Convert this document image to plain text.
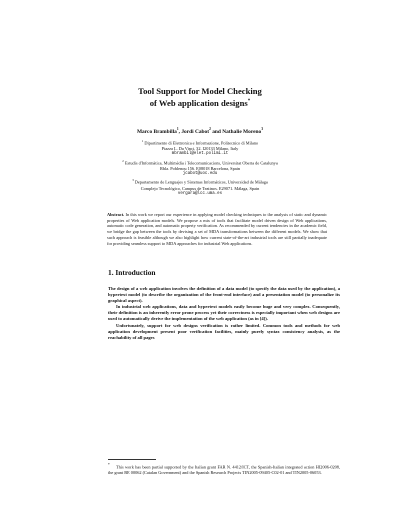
Tool Support for Model Checking
of Web application designs*
Marco Brambilla$^1$, Jordi Cabot$^2$ and Nathalie Moreno$^3$
$^1$ Dipartimento di Elettronica e Informazione, Politecnico di Milano
Piazza L. Da Vinci, 32. I20133 Milano, Italy
mbrambil@elet.polimi.it
$^2$ Estudis d'Informàtica, Multimèdia i Telecomunicacions, Universitat Oberta de Catalunya
Rbla. Poblenou 156. E08018 Barcelona, Spain
jcabot@uoc.edu
$^3$ Departamento de Lenguajes y Sistemas Informáticos, Universidad de Málaga
Complejo Tecnológico, Campus de Teatinos. E29071. Málaga, Spain
vergara@lcc.uma.es
Abstract. In this work we report our experience in applying model checking techniques to the analysis of static and dynamic properties of Web application models. We propose a mix of tools that facilitate model driven design of Web applications, automatic code generation, and automatic property verification. As recommended by current tendencies in the academic field, we bridge the gap between the tools by devising a set of MDA transformations between the different models. We show that such approach is feasible although we also highlight how current state-of-the-art industrial tools are still partially inadequate for providing seamless support to MDA approaches for industrial Web applications.
1. Introduction

The design of a web application involves the definition of a data model (to specify the data used by the application), a hypertext model (to describe the organization of the front-end interface) and a presentation model (to personalize its graphical aspect).

In industrial web applications, data and hypertext models easily become huge and very complex. Consequently, their definition is an inherently error prone process yet their correctness is especially important when web designs are used to automatically derive the implementation of the web application (as in [4]).

Unfortunately, support for web designs verification is rather limited. Common tools and methods for web application development present poor verification facilities, mainly purely syntax consistency analysis, as the reachability of all pages

* This work has been partial supported by the Italian grant FAR N. 4412/ICT, the Spanish-Italian integrated action HI2006-0208, the grant BE 00062 (Catalan Government) and the Spanish Research Projects TIN2005-09405-C02-01 and TIN2005-06053.
